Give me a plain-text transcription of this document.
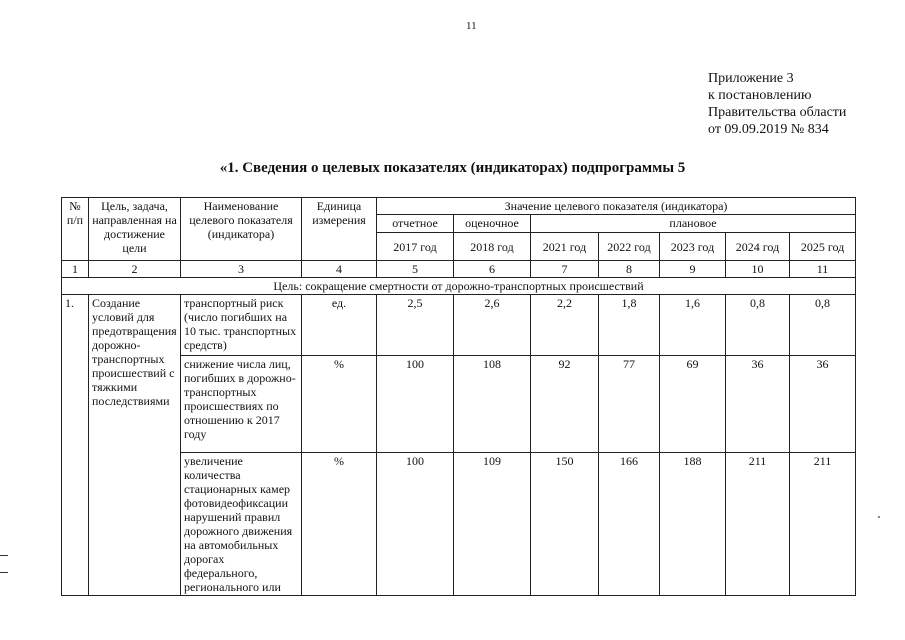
11
Приложение 3
к постановлению
Правительства области
от 09.09.2019 № 834
«1. Сведения о целевых показателях (индикаторах) подпрограммы 5
№ п/п	Цель, задача, направленная на достижение цели	Наименование целевого показателя (индикатора)	Единица измерения	Значение целевого показателя (индикатора)						
				отчетное	оценочное	плановое				
				2017 год	2018 год	2021 год	2022 год	2023 год	2024 год	2025 год
1	2	3	4	5	6	7	8	9	10	11
Цель: сокращение смертности от дорожно-транспортных происшествий										
1.	Создание условий для предотвращения дорожно-транспортных происшествий с тяжкими последствиями	транспортный риск (число погибших на 10 тыс. транспортных средств)	ед.	2,5	2,6	2,2	1,8	1,6	0,8	0,8
		снижение числа лиц, погибших в дорожно-транспортных происшествиях по отношению к 2017 году	%	100	108	92	77	69	36	36
		увеличение количества стационарных камер фотовидеофиксации нарушений правил дорожного движения на автомобильных дорогах федерального, регионального или	%	100	109	150	166	188	211	211
